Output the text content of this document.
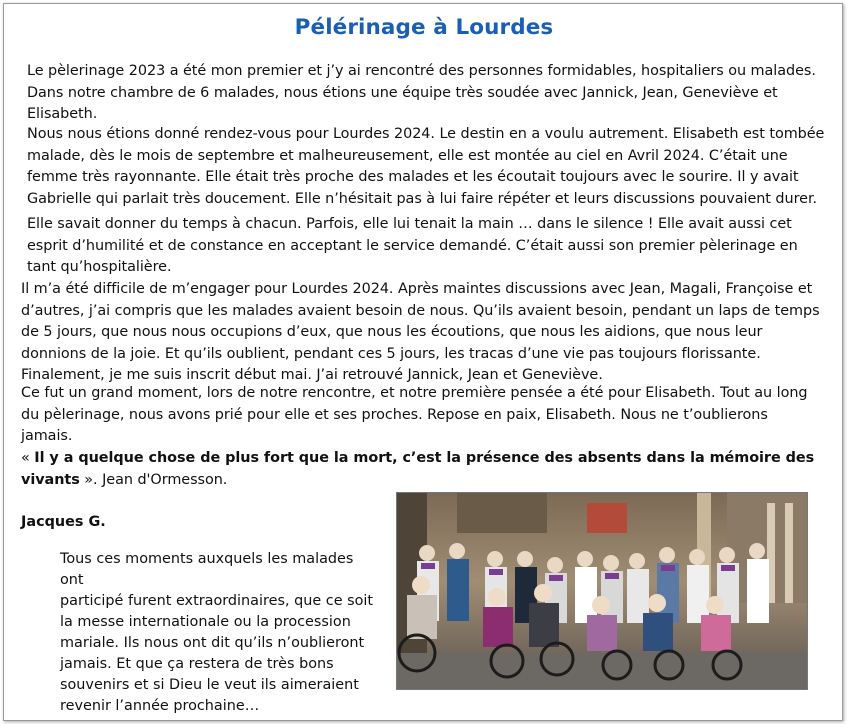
Pélérinage à Lourdes

Le pèlerinage 2023 a été mon premier et j’y ai rencontré des personnes formidables, hospitaliers ou malades.
Dans notre chambre de 6 malades, nous étions une équipe très soudée avec Jannick, Jean, Geneviève et
Elisabeth.

Nous nous étions donné rendez-vous pour Lourdes 2024. Le destin en a voulu autrement. Elisabeth est tombée
malade, dès le mois de septembre et malheureusement, elle est montée au ciel en Avril 2024. C’était une
femme très rayonnante. Elle était très proche des malades et les écoutait toujours avec le sourire. Il y avait
Gabrielle qui parlait très doucement. Elle n’hésitait pas à lui faire répéter et leurs discussions pouvaient durer.

Elle savait donner du temps à chacun. Parfois, elle lui tenait la main … dans le silence ! Elle avait aussi cet
esprit d’humilité et de constance en acceptant le service demandé. C’était aussi son premier pèlerinage en
tant qu’hospitalière.

Il m’a été difficile de m’engager pour Lourdes 2024. Après maintes discussions avec Jean, Magali, Françoise et
d’autres, j’ai compris que les malades avaient besoin de nous. Qu’ils avaient besoin, pendant un laps de temps
de 5 jours, que nous nous occupions d’eux, que nous les écoutions, que nous les aidions, que nous leur
donnions de la joie. Et qu’ils oublient, pendant ces 5 jours, les tracas d’une vie pas toujours florissante.
Finalement, je me suis inscrit début mai. J’ai retrouvé Jannick, Jean et Geneviève.

Ce fut un grand moment, lors de notre rencontre, et notre première pensée a été pour Elisabeth. Tout au long
du pèlerinage, nous avons prié pour elle et ses proches. Repose en paix, Elisabeth. Nous ne t’oublierons
jamais.

« Il y a quelque chose de plus fort que la mort, c’est la présence des absents dans la mémoire des
vivants ». Jean d'Ormesson.

Jacques G.
Tous ces moments auxquels les malades ont
participé furent extraordinaires, que ce soit
la messe internationale ou la procession
mariale. Ils nous ont dit qu’ils n’oublieront
jamais. Et que ça restera de très bons
souvenirs et si Dieu le veut ils aimeraient
revenir l’année prochaine…
